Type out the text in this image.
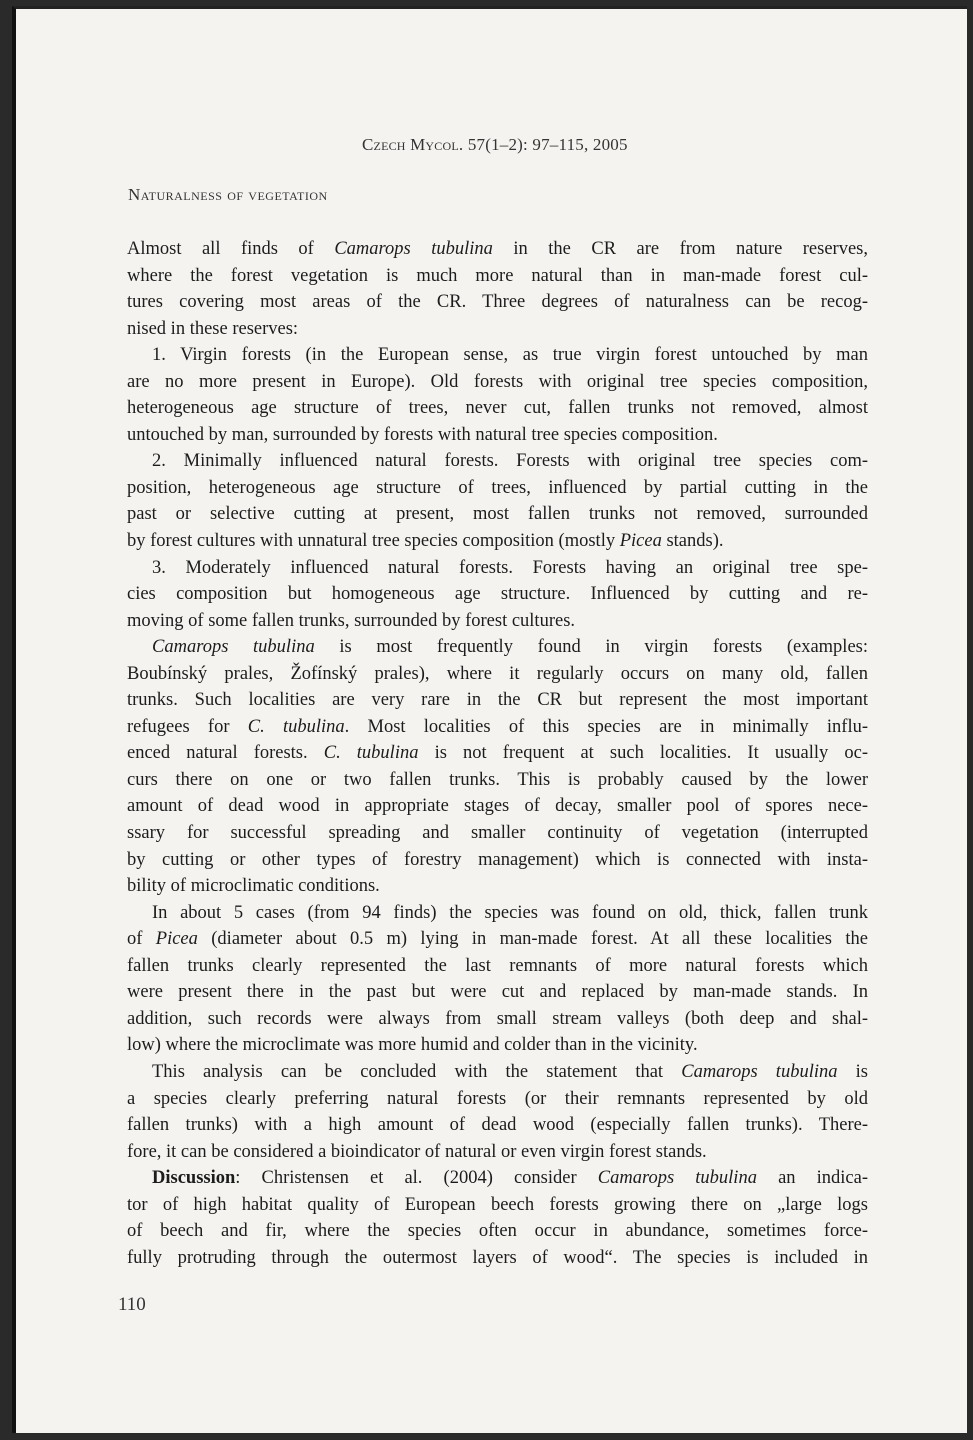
Czech Mycol. 57(1–2): 97–115, 2005
Naturalness of vegetation
Almost all finds of Camarops tubulina in the CR are from nature reserves,
where the forest vegetation is much more natural than in man-made forest cul-
tures covering most areas of the CR. Three degrees of naturalness can be recog-
nised in these reserves:
1. Virgin forests (in the European sense, as true virgin forest untouched by man
are no more present in Europe). Old forests with original tree species composition,
heterogeneous age structure of trees, never cut, fallen trunks not removed, almost
untouched by man, surrounded by forests with natural tree species composition.
2. Minimally influenced natural forests. Forests with original tree species com-
position, heterogeneous age structure of trees, influenced by partial cutting in the
past or selective cutting at present, most fallen trunks not removed, surrounded
by forest cultures with unnatural tree species composition (mostly Picea stands).
3. Moderately influenced natural forests. Forests having an original tree spe-
cies composition but homogeneous age structure. Influenced by cutting and re-
moving of some fallen trunks, surrounded by forest cultures.
Camarops tubulina is most frequently found in virgin forests (examples:
Boubínský prales, Žofínský prales), where it regularly occurs on many old, fallen
trunks. Such localities are very rare in the CR but represent the most important
refugees for C. tubulina. Most localities of this species are in minimally influ-
enced natural forests. C. tubulina is not frequent at such localities. It usually oc-
curs there on one or two fallen trunks. This is probably caused by the lower
amount of dead wood in appropriate stages of decay, smaller pool of spores nece-
ssary for successful spreading and smaller continuity of vegetation (interrupted
by cutting or other types of forestry management) which is connected with insta-
bility of microclimatic conditions.
In about 5 cases (from 94 finds) the species was found on old, thick, fallen trunk
of Picea (diameter about 0.5 m) lying in man-made forest. At all these localities the
fallen trunks clearly represented the last remnants of more natural forests which
were present there in the past but were cut and replaced by man-made stands. In
addition, such records were always from small stream valleys (both deep and shal-
low) where the microclimate was more humid and colder than in the vicinity.
This analysis can be concluded with the statement that Camarops tubulina is
a species clearly preferring natural forests (or their remnants represented by old
fallen trunks) with a high amount of dead wood (especially fallen trunks). There-
fore, it can be considered a bioindicator of natural or even virgin forest stands.
Discussion: Christensen et al. (2004) consider Camarops tubulina an indica-
tor of high habitat quality of European beech forests growing there on „large logs
of beech and fir, where the species often occur in abundance, sometimes force-
fully protruding through the outermost layers of wood“. The species is included in
110
